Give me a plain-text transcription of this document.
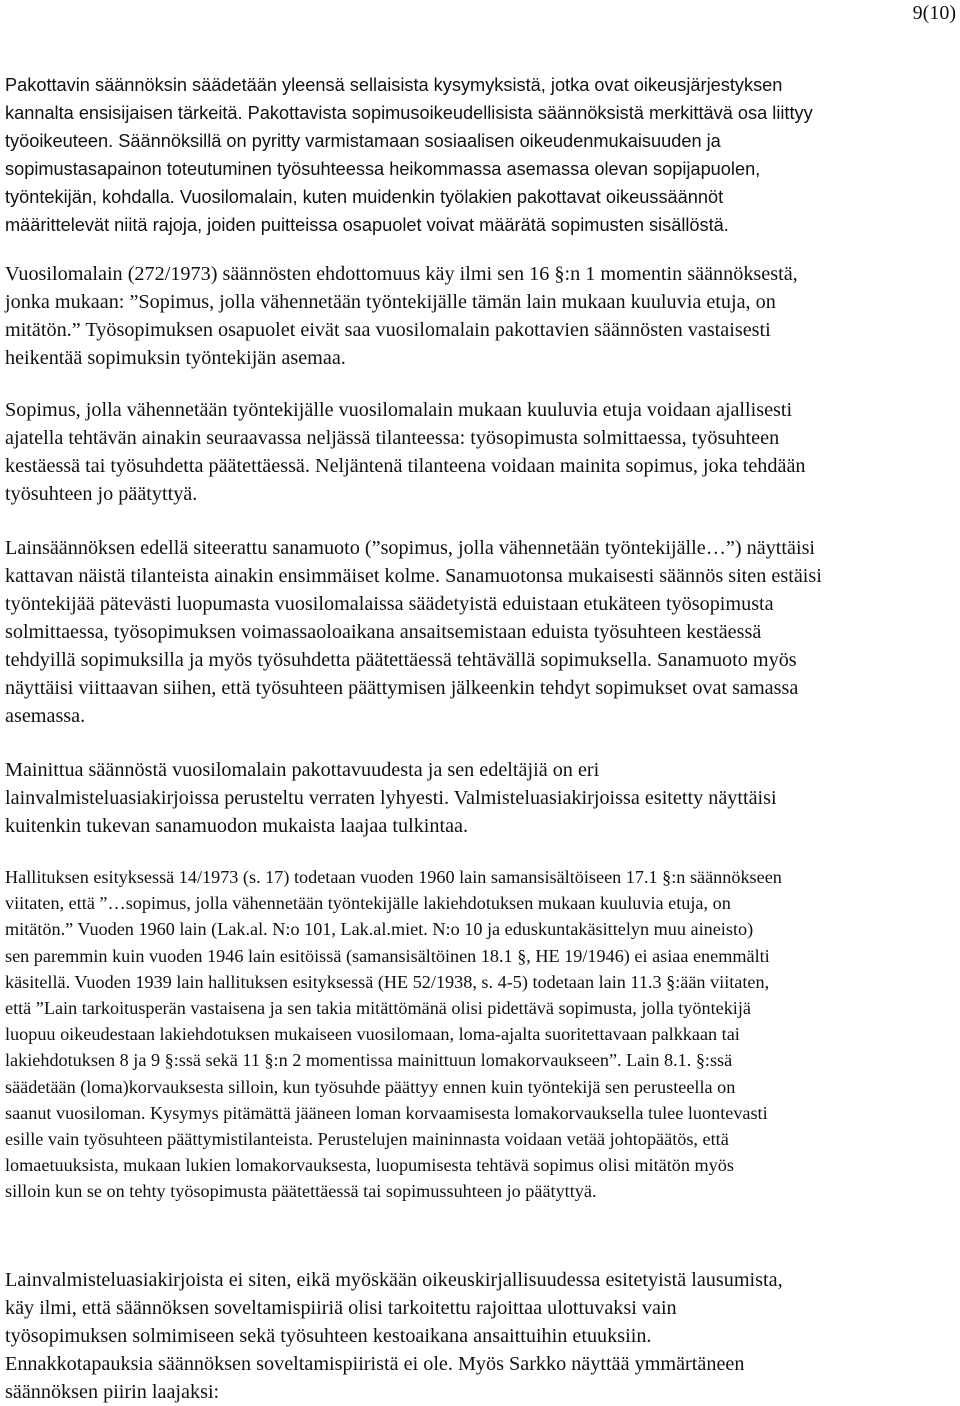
9(10)

Pakottavin säännöksin säädetään yleensä sellaisista kysymyksistä, jotka ovat oikeusjärjestyksen
kannalta ensisijaisen tärkeitä. Pakottavista sopimusoikeudellisista säännöksistä merkittävä osa liittyy
työoikeuteen. Säännöksillä on pyritty varmistamaan sosiaalisen oikeudenmukaisuuden ja
sopimustasapainon toteutuminen työsuhteessa heikommassa asemassa olevan sopijapuolen,
työntekijän, kohdalla. Vuosilomalain, kuten muidenkin työlakien pakottavat oikeussäännöt
määrittelevät niitä rajoja, joiden puitteissa osapuolet voivat määrätä sopimusten sisällöstä.

Vuosilomalain (272/1973) säännösten ehdottomuus käy ilmi sen 16 §:n 1 momentin säännöksestä,
jonka mukaan: ”Sopimus, jolla vähennetään työntekijälle tämän lain mukaan kuuluvia etuja, on
mitätön.” Työsopimuksen osapuolet eivät saa vuosilomalain pakottavien säännösten vastaisesti
heikentää sopimuksin työntekijän asemaa.

Sopimus, jolla vähennetään työntekijälle vuosilomalain mukaan kuuluvia etuja voidaan ajallisesti
ajatella tehtävän ainakin seuraavassa neljässä tilanteessa: työsopimusta solmittaessa, työsuhteen
kestäessä tai työsuhdetta päätettäessä. Neljäntenä tilanteena voidaan mainita sopimus, joka tehdään
työsuhteen jo päätyttyä.

Lainsäännöksen edellä siteerattu sanamuoto (”sopimus, jolla vähennetään työntekijälle…”) näyttäisi
kattavan näistä tilanteista ainakin ensimmäiset kolme. Sanamuotonsa mukaisesti säännös siten estäisi
työntekijää pätevästi luopumasta vuosilomalaissa säädetyistä eduistaan etukäteen työsopimusta
solmittaessa, työsopimuksen voimassaoloaikana ansaitsemistaan eduista työsuhteen kestäessä
tehdyillä sopimuksilla ja myös työsuhdetta päätettäessä tehtävällä sopimuksella. Sanamuoto myös
näyttäisi viittaavan siihen, että työsuhteen päättymisen jälkeenkin tehdyt sopimukset ovat samassa
asemassa.

Mainittua säännöstä vuosilomalain pakottavuudesta ja sen edeltäjiä on eri
lainvalmisteluasiakirjoissa perusteltu verraten lyhyesti. Valmisteluasiakirjoissa esitetty näyttäisi
kuitenkin tukevan sanamuodon mukaista laajaa tulkintaa.

Hallituksen esityksessä 14/1973 (s. 17) todetaan vuoden 1960 lain samansisältöiseen 17.1 §:n säännökseen
viitaten, että ”…sopimus, jolla vähennetään työntekijälle lakiehdotuksen mukaan kuuluvia etuja, on
mitätön.” Vuoden 1960 lain (Lak.al. N:o 101, Lak.al.miet. N:o 10 ja eduskuntakäsittelyn muu aineisto)
sen paremmin kuin vuoden 1946 lain esitöissä (samansisältöinen 18.1 §, HE 19/1946) ei asiaa enemmälti
käsitellä. Vuoden 1939 lain hallituksen esityksessä (HE 52/1938, s. 4-5) todetaan lain 11.3 §:ään viitaten,
että ”Lain tarkoitusperän vastaisena ja sen takia mitättömänä olisi pidettävä sopimusta, jolla työntekijä
luopuu oikeudestaan lakiehdotuksen mukaiseen vuosilomaan, loma-ajalta suoritettavaan palkkaan tai
lakiehdotuksen 8 ja 9 §:ssä sekä 11 §:n 2 momentissa mainittuun lomakorvaukseen”. Lain 8.1. §:ssä
säädetään (loma)korvauksesta silloin, kun työsuhde päättyy ennen kuin työntekijä sen perusteella on
saanut vuosiloman. Kysymys pitämättä jääneen loman korvaamisesta lomakorvauksella tulee luontevasti
esille vain työsuhteen päättymistilanteista. Perustelujen maininnasta voidaan vetää johtopäätös, että
lomaetuuksista, mukaan lukien lomakorvauksesta, luopumisesta tehtävä sopimus olisi mitätön myös
silloin kun se on tehty työsopimusta päätettäessä tai sopimussuhteen jo päätyttyä.

Lainvalmisteluasiakirjoista ei siten, eikä myöskään oikeuskirjallisuudessa esitetyistä lausumista,
käy ilmi, että säännöksen soveltamispiiriä olisi tarkoitettu rajoittaa ulottuvaksi vain
työsopimuksen solmimiseen sekä työsuhteen kestoaikana ansaittuihin etuuksiin.
Ennakkotapauksia säännöksen soveltamispiiristä ei ole. Myös Sarkko näyttää ymmärtäneen
säännöksen piirin laajaksi:
